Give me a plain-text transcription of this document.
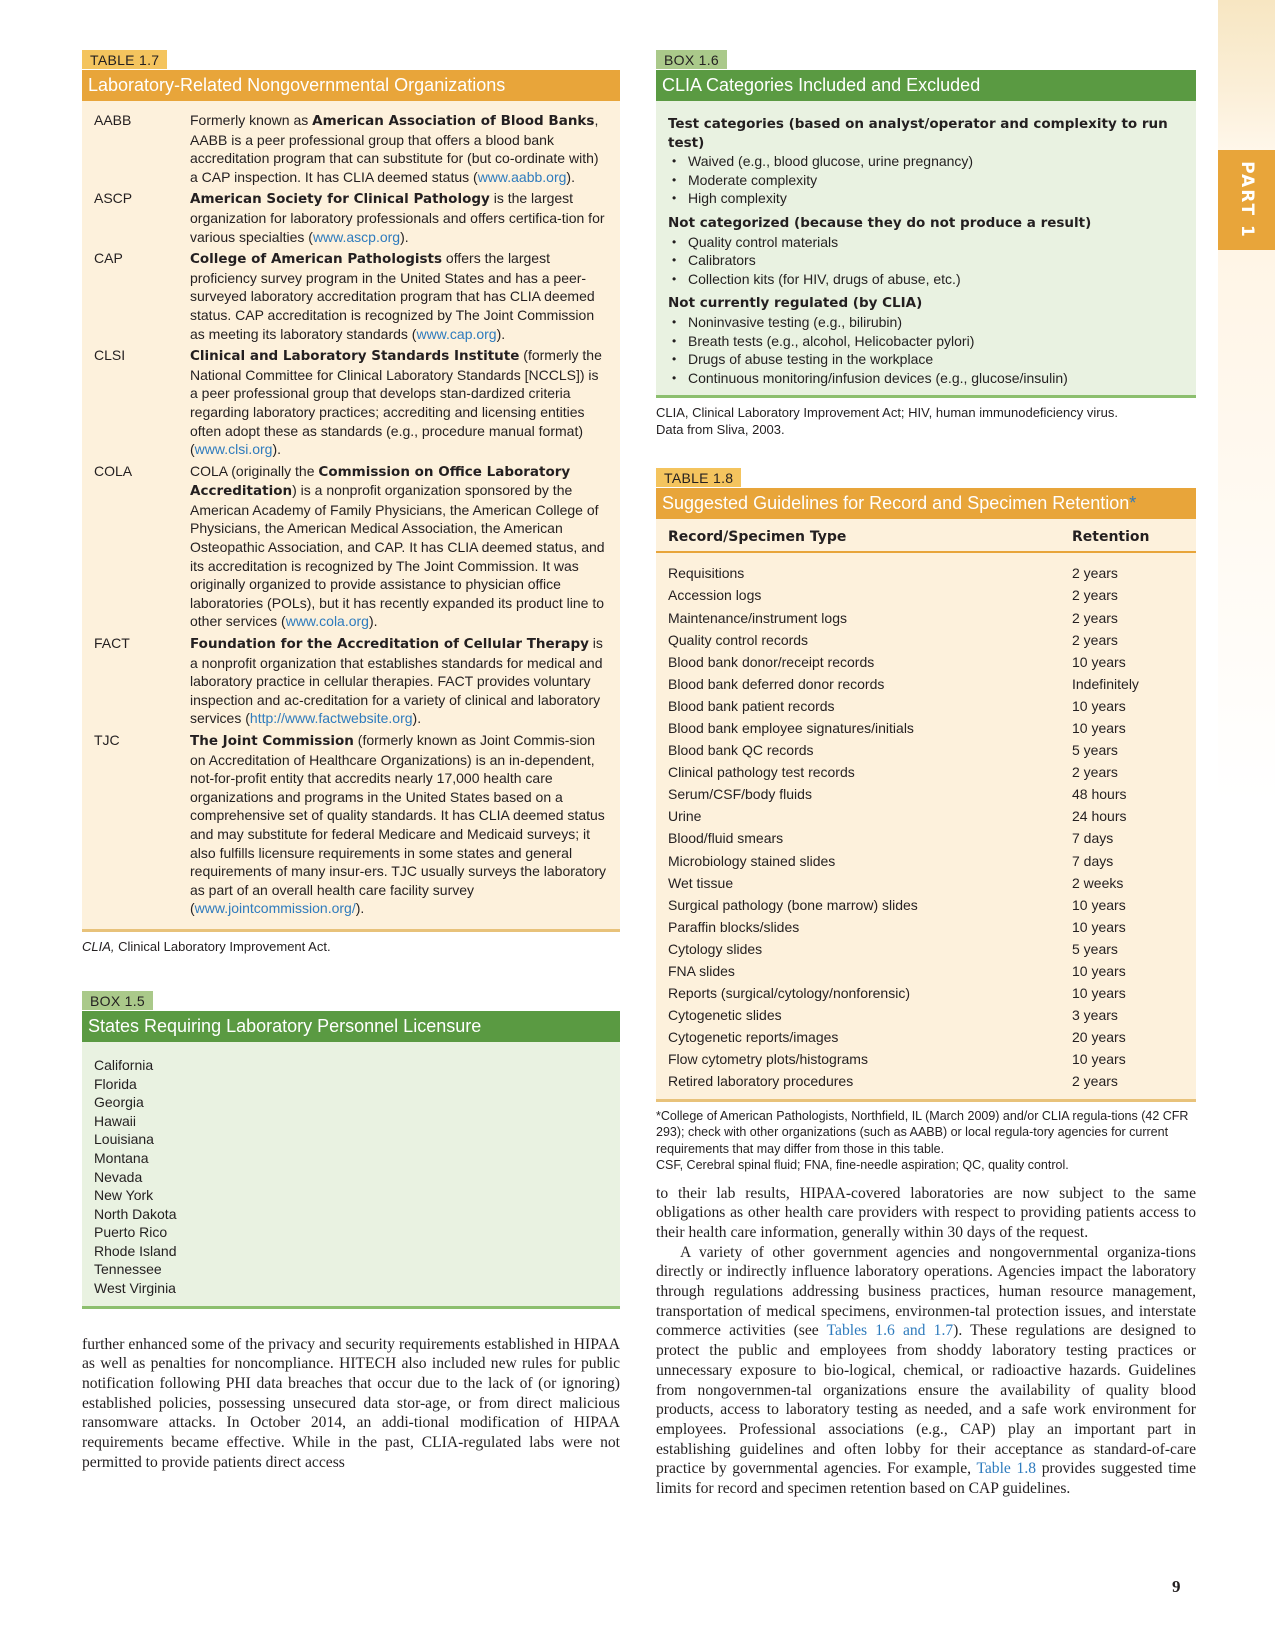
PART 1
TABLE 1.7
Laboratory-Related Nongovernmental Organizations
AABB	Formerly known as American Association of Blood Banks, AABB is a peer professional group that offers a blood bank accreditation program that can substitute for (but co-ordinate with) a CAP inspection. It has CLIA deemed status (www.aabb.org).
ASCP	American Society for Clinical Pathology is the largest organization for laboratory professionals and offers certifica-tion for various specialties (www.ascp.org).
CAP	College of American Pathologists offers the largest proficiency survey program in the United States and has a peer-surveyed laboratory accreditation program that has CLIA deemed status. CAP accreditation is recognized by The Joint Commission as meeting its laboratory standards (www.cap.org).
CLSI	Clinical and Laboratory Standards Institute (formerly the National Committee for Clinical Laboratory Standards [NCCLS]) is a peer professional group that develops stan-dardized criteria regarding laboratory practices; accrediting and licensing entities often adopt these as standards (e.g., procedure manual format) (www.clsi.org).
COLA	COLA (originally the Commission on Office Laboratory Accreditation) is a nonprofit organization sponsored by the American Academy of Family Physicians, the American College of Physicians, the American Medical Association, the American Osteopathic Association, and CAP. It has CLIA deemed status, and its accreditation is recognized by The Joint Commission. It was originally organized to provide assistance to physician office laboratories (POLs), but it has recently expanded its product line to other services (www.cola.org).
FACT	Foundation for the Accreditation of Cellular Therapy is a nonprofit organization that establishes standards for medical and laboratory practice in cellular therapies. FACT provides voluntary inspection and ac-creditation for a variety of clinical and laboratory services (http://www.factwebsite.org).
TJC	The Joint Commission (formerly known as Joint Commis-sion on Accreditation of Healthcare Organizations) is an in-dependent, not-for-profit entity that accredits nearly 17,000 health care organizations and programs in the United States based on a comprehensive set of quality standards. It has CLIA deemed status and may substitute for federal Medicare and Medicaid surveys; it also fulfills licensure requirements in some states and general requirements of many insur-ers. TJC usually surveys the laboratory as part of an overall health care facility survey (www.jointcommission.org/).
CLIA, Clinical Laboratory Improvement Act.
BOX 1.5
States Requiring Laboratory Personnel Licensure
California
Florida
Georgia
Hawaii
Louisiana
Montana
Nevada
New York
North Dakota
Puerto Rico
Rhode Island
Tennessee
West Virginia

further enhanced some of the privacy and security requirements established in HIPAA as well as penalties for noncompliance. HITECH also included new rules for public notification following PHI data breaches that occur due to the lack of (or ignoring) established policies, possessing unsecured data stor-age, or from direct malicious ransomware attacks. In October 2014, an addi-tional modification of HIPAA requirements became effective. While in the past, CLIA-regulated labs were not permitted to provide patients direct access

BOX 1.6
CLIA Categories Included and Excluded
Test categories (based on analyst/operator and complexity to run test)
• Waived (e.g., blood glucose, urine pregnancy)
• Moderate complexity
• High complexity
Not categorized (because they do not produce a result)
• Quality control materials
• Calibrators
• Collection kits (for HIV, drugs of abuse, etc.)
Not currently regulated (by CLIA)
• Noninvasive testing (e.g., bilirubin)
• Breath tests (e.g., alcohol, Helicobacter pylori)
• Drugs of abuse testing in the workplace
• Continuous monitoring/infusion devices (e.g., glucose/insulin)
CLIA, Clinical Laboratory Improvement Act; HIV, human immunodeficiency virus.
Data from Sliva, 2003.
TABLE 1.8
Suggested Guidelines for Record and Specimen Retention*
Record/Specimen Type	Retention
Requisitions	2 years
Accession logs	2 years
Maintenance/instrument logs	2 years
Quality control records	2 years
Blood bank donor/receipt records	10 years
Blood bank deferred donor records	Indefinitely
Blood bank patient records	10 years
Blood bank employee signatures/initials	10 years
Blood bank QC records	5 years
Clinical pathology test records	2 years
Serum/CSF/body fluids	48 hours
Urine	24 hours
Blood/fluid smears	7 days
Microbiology stained slides	7 days
Wet tissue	2 weeks
Surgical pathology (bone marrow) slides	10 years
Paraffin blocks/slides	10 years
Cytology slides	5 years
FNA slides	10 years
Reports (surgical/cytology/nonforensic)	10 years
Cytogenetic slides	3 years
Cytogenetic reports/images	20 years
Flow cytometry plots/histograms	10 years
Retired laboratory procedures	2 years
*College of American Pathologists, Northfield, IL (March 2009) and/or CLIA regula-tions (42 CFR 293); check with other organizations (such as AABB) or local regula-tory agencies for current requirements that may differ from those in this table.
CSF, Cerebral spinal fluid; FNA, fine-needle aspiration; QC, quality control.

to their lab results, HIPAA-covered laboratories are now subject to the same obligations as other health care providers with respect to providing patients access to their health care information, generally within 30 days of the request.

A variety of other government agencies and nongovernmental organiza-tions directly or indirectly influence laboratory operations. Agencies impact the laboratory through regulations addressing business practices, human resource management, transportation of medical specimens, environmen-tal protection issues, and interstate commerce activities (see Tables 1.6 and 1.7). These regulations are designed to protect the public and employees from shoddy laboratory testing practices or unnecessary exposure to bio-logical, chemical, or radioactive hazards. Guidelines from nongovernmen-tal organizations ensure the availability of quality blood products, access to laboratory testing as needed, and a safe work environment for employees. Professional associations (e.g., CAP) play an important part in establishing guidelines and often lobby for their acceptance as standard-of-care practice by governmental agencies. For example, Table 1.8 provides suggested time limits for record and specimen retention based on CAP guidelines.

9
